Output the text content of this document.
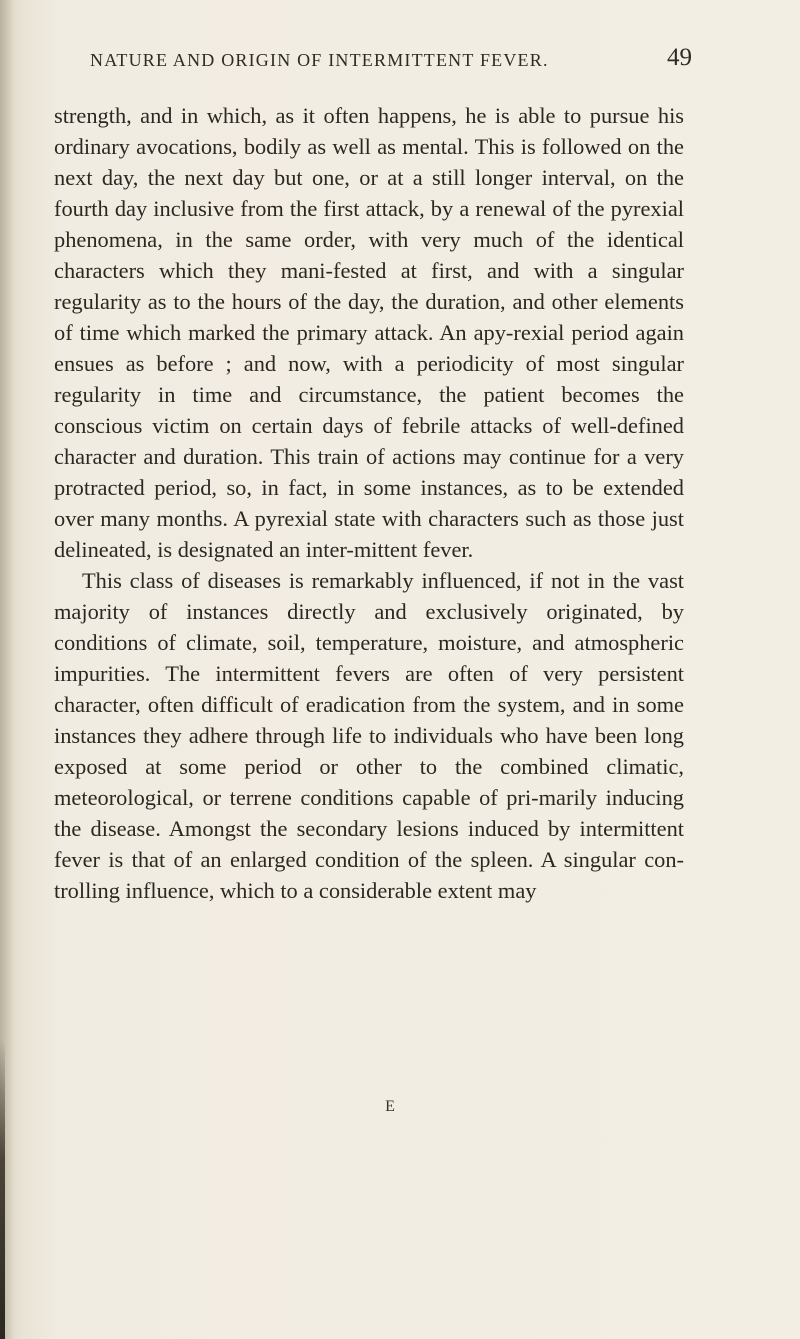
NATURE AND ORIGIN OF INTERMITTENT FEVER.	49

strength, and in which, as it often happens, he is able to pursue his ordinary avocations, bodily as well as mental. This is followed on the next day, the next day but one, or at a still longer interval, on the fourth day inclusive from the first attack, by a renewal of the pyrexial phenomena, in the same order, with very much of the identical characters which they mani-fested at first, and with a singular regularity as to the hours of the day, the duration, and other elements of time which marked the primary attack. An apy-rexial period again ensues as before ; and now, with a periodicity of most singular regularity in time and circumstance, the patient becomes the conscious victim on certain days of febrile attacks of well-defined character and duration. This train of actions may continue for a very protracted period, so, in fact, in some instances, as to be extended over many months. A pyrexial state with characters such as those just delineated, is designated an inter-mittent fever.

This class of diseases is remarkably influenced, if not in the vast majority of instances directly and exclusively originated, by conditions of climate, soil, temperature, moisture, and atmospheric impurities. The intermittent fevers are often of very persistent character, often difficult of eradication from the system, and in some instances they adhere through life to individuals who have been long exposed at some period or other to the combined climatic, meteorological, or terrene conditions capable of pri-marily inducing the disease. Amongst the secondary lesions induced by intermittent fever is that of an enlarged condition of the spleen. A singular con-trolling influence, which to a considerable extent may

E
